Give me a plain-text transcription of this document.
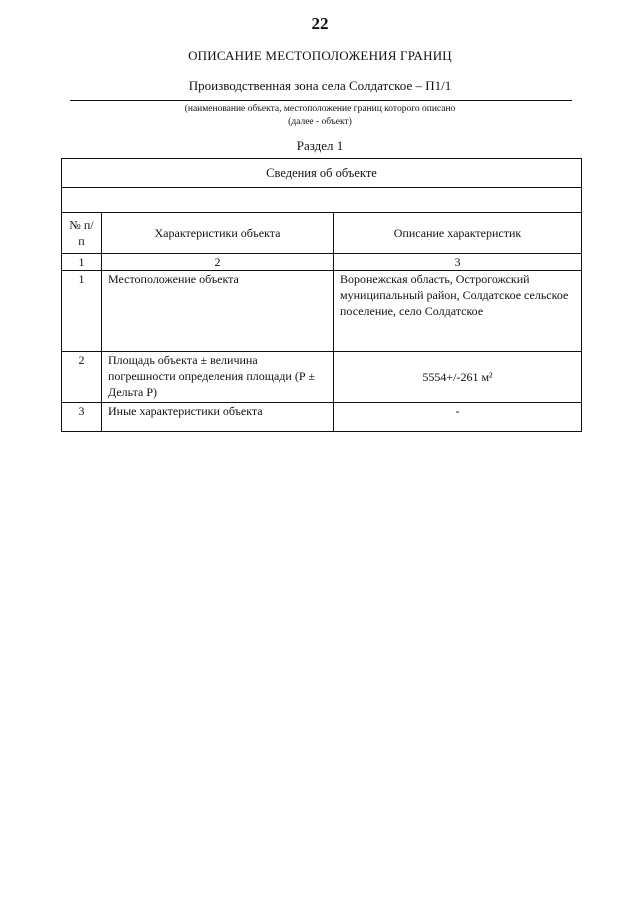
22
ОПИСАНИЕ МЕСТОПОЛОЖЕНИЯ ГРАНИЦ
Производственная зона села Солдатское – П1/1
(наименование объекта, местоположение границ которого описано
(далее - объект)
Раздел 1
Сведения об объекте		

№ п/п	Характеристики объекта	Описание характеристик
1	2	3
1	Местоположение объекта	Воронежская область, Острогожский муниципальный район, Солдатское сельское поселение, село Солдатское
2	Площадь объекта ± величина погрешности определения площади (Р ± Дельта Р)	5554+/-261 м²
3	Иные характеристики объекта	-
